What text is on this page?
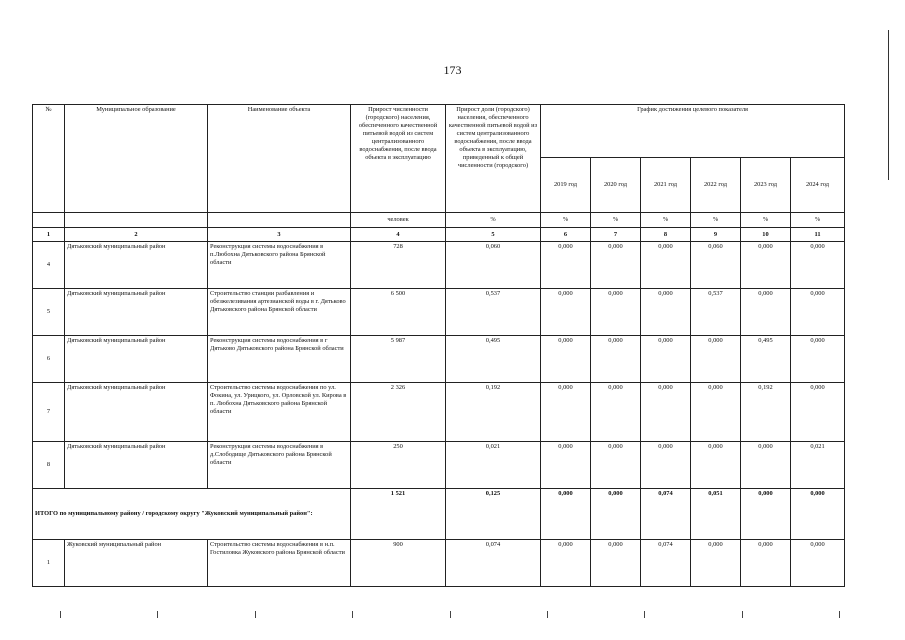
173
№	Муниципальное образование	Наименование объекта	Прирост численности (городского) населения, обеспеченного качественной питьевой водой из систем централизованного водоснабжения, после ввода объекта в эксплуатацию	Прирост доли (городского) населения, обеспеченного качественной питьевой водой из систем централизованного водоснабжения, после ввода объекта в эксплуатацию, приведенный к общей численности (городского)	График достижения целевого показателя					
					2019 год	2020 год	2021 год	2022 год	2023 год	2024 год
			человек	%	%	%	%	%	%	%
1	2	3	4	5	6	7	8	9	10	11
4	Дятьковский муниципальный район	Реконструкция системы водоснабжения в п.Любохна Дятьковского района Брянской области	728	0,060	0,000	0,000	0,000	0,060	0,000	0,000
5	Дятьковский муниципальный район	Строительство станции разбавления и обезжелезивания артезианской воды в г. Дятьково Дятьковского района Брянской области	6 500	0,537	0,000	0,000	0,000	0,537	0,000	0,000
6	Дятьковский муниципальный район	Реконструкция системы водоснабжения в г Дятьково Дятьковского района Брянской области	5 987	0,495	0,000	0,000	0,000	0,000	0,495	0,000
7	Дятьковский муниципальный район	Строительство системы водоснабжения по ул. Фокина, ул. Урицкого, ул. Орловской ул. Кирова в п. Любохна Дятьковского района Брянской области	2 326	0,192	0,000	0,000	0,000	0,000	0,192	0,000
8	Дятьковский муниципальный район	Реконструкция системы водоснабжения в д.Слободище Дятьковского района Брянской области	250	0,021	0,000	0,000	0,000	0,000	0,000	0,021
ИТОГО по муниципальному району / городскому округу "Жуковский муниципальный район":			1 521	0,125	0,000	0,000	0,074	0,051	0,000	0,000
1	Жуковский муниципальный район	Строительство системы водоснабжения в н.п. Гостиловка Жуковского района Брянской области	900	0,074	0,000	0,000	0,074	0,000	0,000	0,000
